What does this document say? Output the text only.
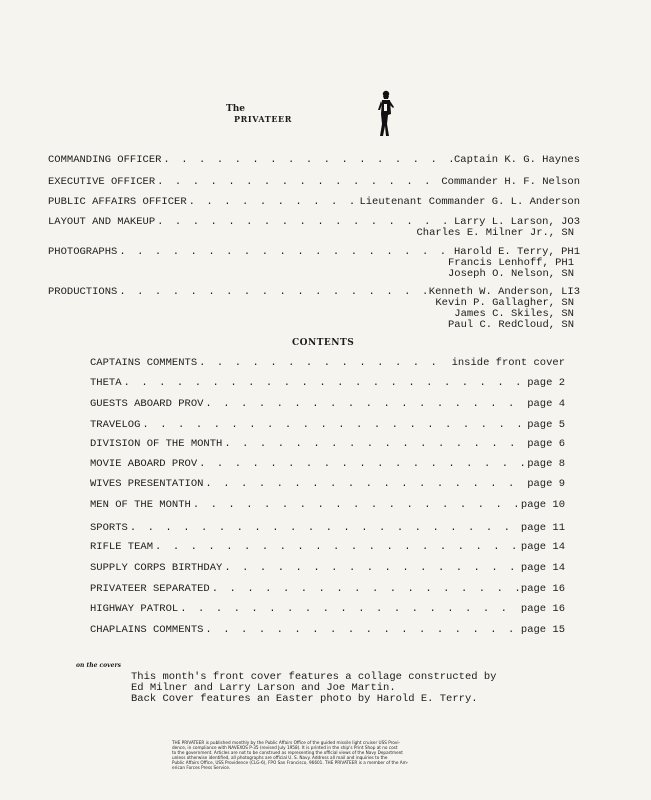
The
PRIVATEER
COMMANDING OFFICER . . .	Captain K. G. Haynes
EXECUTIVE OFFICER . . .	Commander H. F. Nelson
PUBLIC AFFAIRS OFFICER . . .	Lieutenant Commander G. L. Anderson
LAYOUT AND MAKEUP . . .	Larry L. Larson, JO3
Charles E. Milner Jr., SN
PHOTOGRAPHS . . .	Harold E. Terry, PH1
Francis Lenhoff, PH1
Joseph O. Nelson, SN
PRODUCTIONS . . .	Kenneth W. Anderson, LI3
Kevin P. Gallagher, SN
James C. Skiles, SN
Paul C. RedCloud, SN
CONTENTS
CAPTAINS COMMENTS . . .	inside front cover
THETA . . .	page 2
GUESTS ABOARD PROV . . .	page 4
TRAVELOG . . .	page 5
DIVISION OF THE MONTH . . .	page 6
MOVIE ABOARD PROV . . .	page 8
WIVES PRESENTATION . . .	page 9
MEN OF THE MONTH . . .	page 10
SPORTS . . .	page 11
RIFLE TEAM . . .	page 14
SUPPLY CORPS BIRTHDAY . . .	page 14
PRIVATEER SEPARATED . . .	page 16
HIGHWAY PATROL . . .	page 16
CHAPLAINS COMMENTS . . .	page 15
on the covers
This month's front cover features a collage constructed by
Ed Milner and Larry Larson and Joe Martin.
Back Cover features an Easter photo by Harold E. Terry.
THE PRIVATEER is published monthly by the Public Affairs Office of the guided missile light cruiser USS Provi-
dence, in compliance with NAVEXOS P-35 (revised July 1958). It is printed in the ship's Print Shop at no cost
to the government. Articles are not to be construed as representing the official views of the Navy Department
unless otherwise identified, all photographs are official U. S. Navy. Address all mail and inquiries to the
Public Affairs Office, USS Providence (CLG-6), FPO San Francisco, 96601. THE PRIVATEER is a member of the Am-
erican Forces Press Service.
